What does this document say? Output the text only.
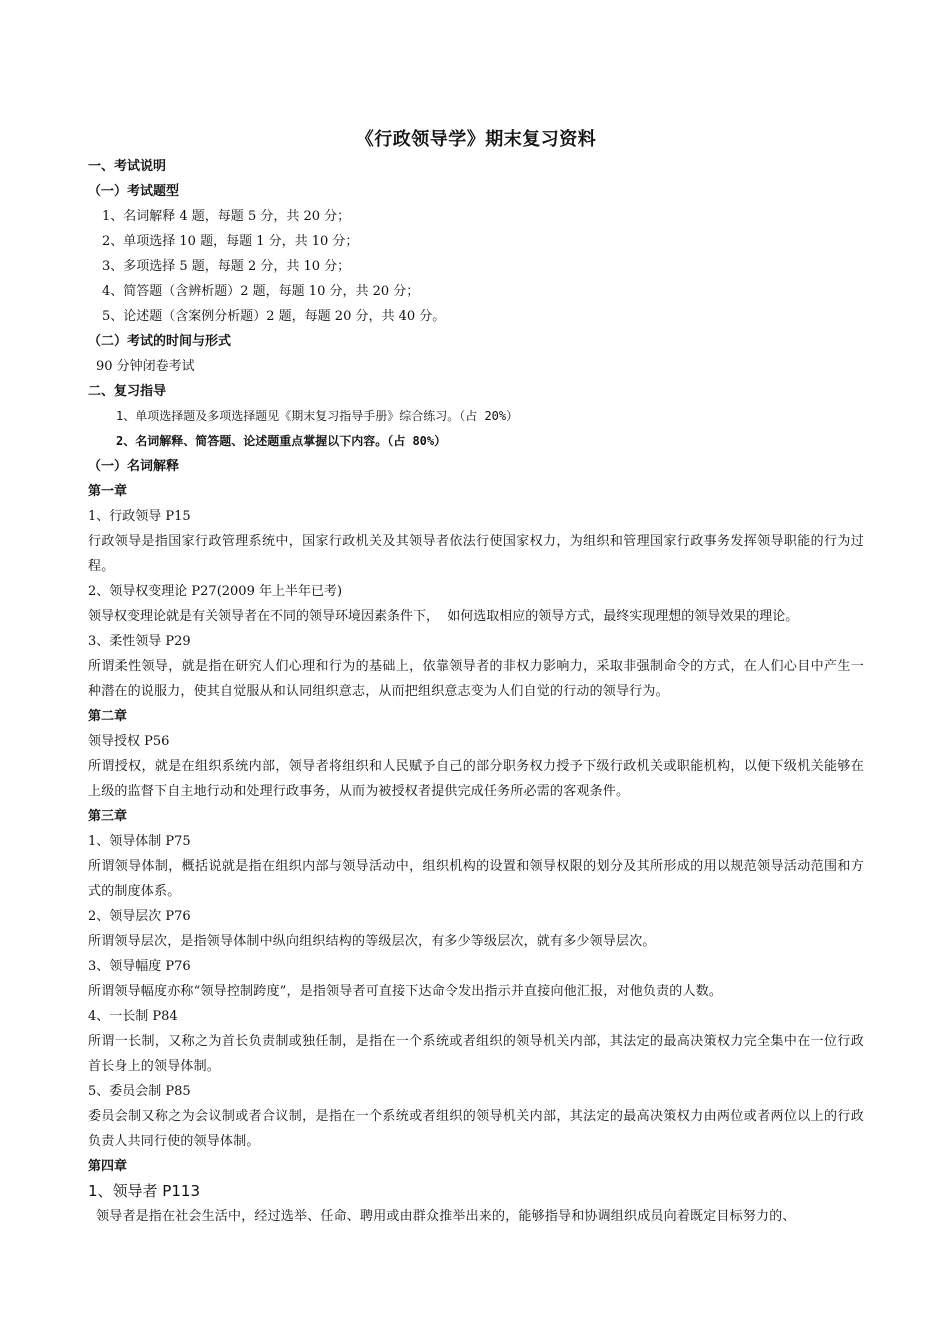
《行政领导学》期末复习资料

一、考试说明

（一）考试题型

1、名词解释 4 题，每题 5 分，共 20 分；

2、单项选择 10 题，每题 1 分，共 10 分；

3、多项选择 5 题，每题 2 分，共 10 分；

4、简答题（含辨析题）2 题，每题 10 分，共 20 分；

5、论述题（含案例分析题）2 题，每题 20 分，共 40 分。

（二）考试的时间与形式

90 分钟闭卷考试

二、复习指导

1、单项选择题及多项选择题见《期末复习指导手册》综合练习。（占 20%）

2、名词解释、简答题、论述题重点掌握以下内容。（占 80%）

（一）名词解释

第一章

1、行政领导 P15

行政领导是指国家行政管理系统中，国家行政机关及其领导者依法行使国家权力，为组织和管理国家行政事务发挥领导职能的行为过程。

2、领导权变理论 P27(2009 年上半年已考)

领导权变理论就是有关领导者在不同的领导环境因素条件下，  如何选取相应的领导方式，最终实现理想的领导效果的理论。

3、柔性领导 P29

所谓柔性领导，就是指在研究人们心理和行为的基础上，依靠领导者的非权力影响力，采取非强制命令的方式，在人们心目中产生一种潜在的说服力，使其自觉服从和认同组织意志，从而把组织意志变为人们自觉的行动的领导行为。

第二章

领导授权 P56

所谓授权，就是在组织系统内部，领导者将组织和人民赋予自己的部分职务权力授予下级行政机关或职能机构，以便下级机关能够在上级的监督下自主地行动和处理行政事务，从而为被授权者提供完成任务所必需的客观条件。

第三章

1、领导体制 P75

所谓领导体制，概括说就是指在组织内部与领导活动中，组织机构的设置和领导权限的划分及其所形成的用以规范领导活动范围和方式的制度体系。

2、领导层次 P76

所谓领导层次，是指领导体制中纵向组织结构的等级层次，有多少等级层次，就有多少领导层次。

3、领导幅度 P76

所谓领导幅度亦称“领导控制跨度”，是指领导者可直接下达命令发出指示并直接向他汇报，对他负责的人数。

4、一长制 P84

所谓一长制，又称之为首长负责制或独任制，是指在一个系统或者组织的领导机关内部，其法定的最高决策权力完全集中在一位行政首长身上的领导体制。

5、委员会制 P85

委员会制又称之为会议制或者合议制，是指在一个系统或者组织的领导机关内部，其法定的最高决策权力由两位或者两位以上的行政负责人共同行使的领导体制。

第四章

1、领导者 P113

领导者是指在社会生活中，经过选举、任命、聘用或由群众推举出来的，能够指导和协调组织成员向着既定目标努力的、
